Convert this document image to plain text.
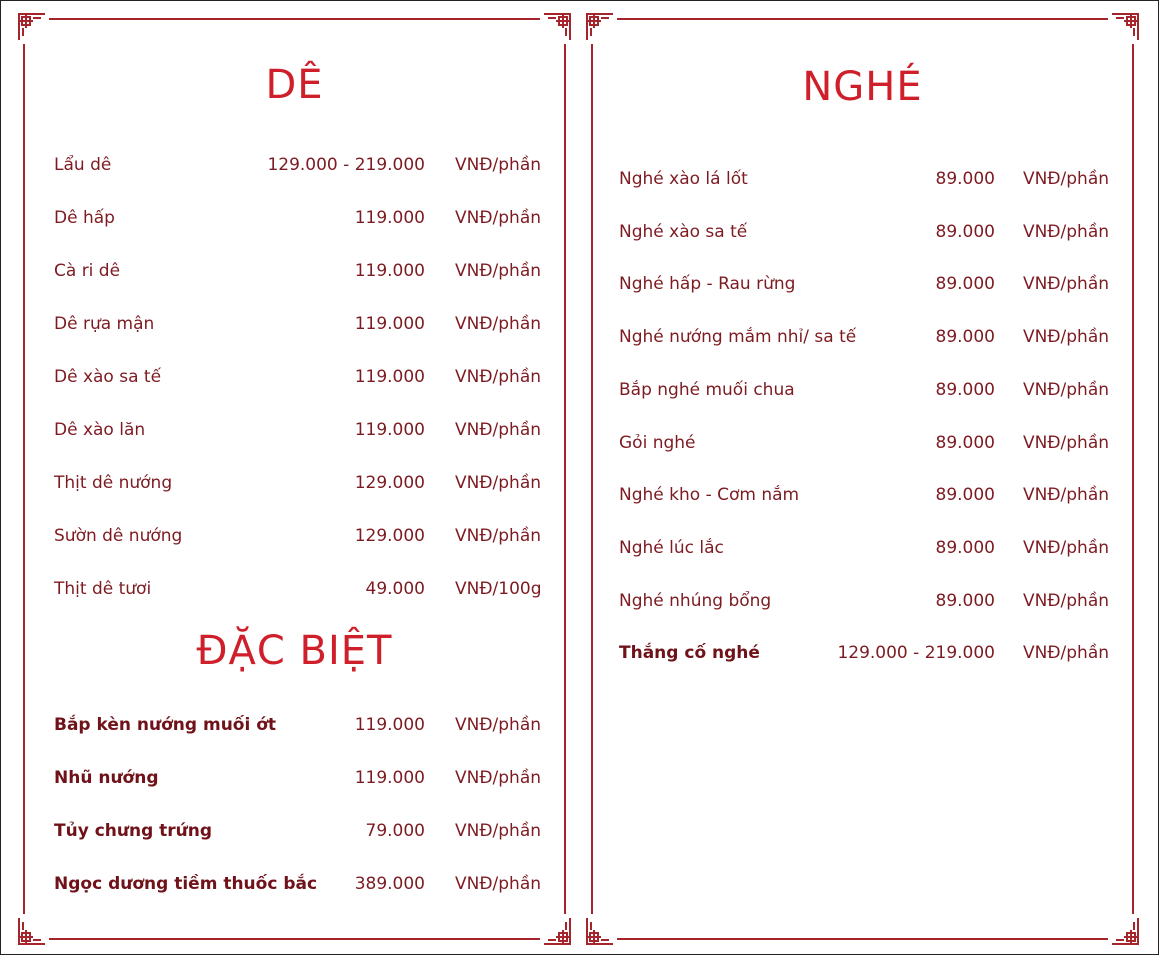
DÊ
Lẩu dê	129.000 - 219.000 VNĐ/phần
Dê hấp	119.000 VNĐ/phần
Cà ri dê	119.000 VNĐ/phần
Dê rựa mận	119.000 VNĐ/phần
Dê xào sa tế	119.000 VNĐ/phần
Dê xào lăn	119.000 VNĐ/phần
Thịt dê nướng	129.000 VNĐ/phần
Sườn dê nướng	129.000 VNĐ/phần
Thịt dê tươi	49.000 VNĐ/100g
ĐẶC BIỆT
Bắp kèn nướng muối ớt	119.000 VNĐ/phần
Nhũ nướng	119.000 VNĐ/phần
Tủy chưng trứng	79.000 VNĐ/phần
Ngọc dương tiềm thuốc bắc 389.000 VNĐ/phần
NGHÉ
Nghé xào lá lốt	89.000 VNĐ/phần
Nghé xào sa tế	89.000 VNĐ/phần
Nghé hấp - Rau rừng	89.000 VNĐ/phần
Nghé nướng mắm nhỉ/ sa tế	89.000 VNĐ/phần
Bắp nghé muối chua	89.000 VNĐ/phần
Gỏi nghé	89.000 VNĐ/phần
Nghé kho - Cơm nắm	89.000 VNĐ/phần
Nghé lúc lắc	89.000 VNĐ/phần
Nghé nhúng bổng	89.000 VNĐ/phần
Thắng cố nghé	129.000 - 219.000 VNĐ/phần
